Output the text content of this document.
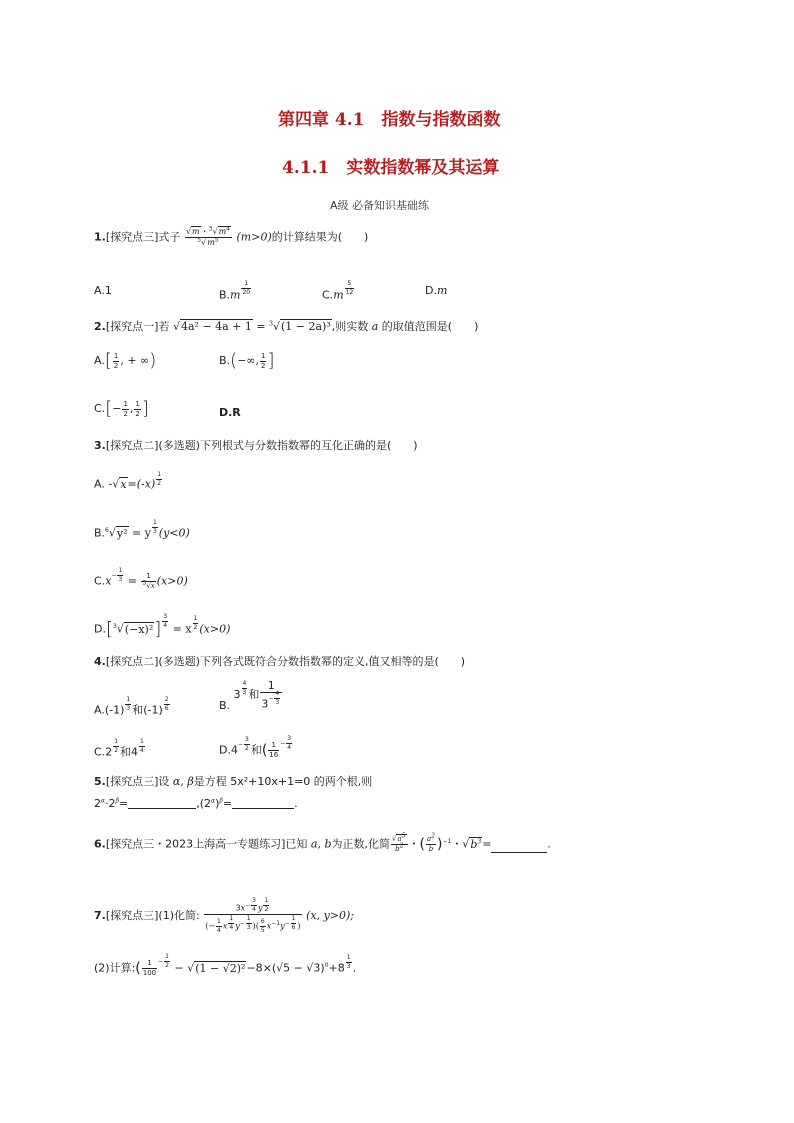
第四章 4.1　指数与指数函数
4.1.1　实数指数幂及其运算
A级 必备知识基础练
1.[探究点三]式子 $\frac{√m・^3√m^4}{^5√m^5} (m>0)$的计算结果为(　　)
A.1	B.m $^{\frac{1}{20}}$	C.m $^{\frac{5}{12}}$	D.m
2.[探究点一]若 √4a² − 4a + 1 = $^3$√(1 − 2a)³,则实数 a 的取值范围是(　　)
$A.[ \frac{1}{2}$ , + ∞)	B.(−∞, $\frac{1}{2}$ ]
$C.[- \frac{1}{2}$ , $\frac{1}{2}$ ]	D.R
3.[探究点二](多选题)下列根式与分数指数幂的互化正确的是(　　)
A. -√x=(-x) $^{\frac{1}{2}}$
B.$^6$√y² = y $^{\frac{1}{3}}$ (y<0)
$C.x^{- \frac{1}{3}} = \frac{1}{^3√x} (x>0)$
D.[$^3$√(−x)²] $^{\frac{3}{4}}$
= x $^{\frac{1}{2}}$ (x>0)
4.[探究点二](多选题)下列各式既符合分数指数幂的定义,值又相等的是(　　)
A.(-1) $^{\frac{1}{3}}$ 和(-1) $^{\frac{2}{6}}$	B. 3 $^{\frac{4}{3}}$ 和 1
$3^{- \frac{4}{3}}$
C.2 $^{\frac{1}{2}}$ 和4 $^{\frac{1}{4}}$	$D.4^{- \frac{3}{2}}$ 和( $\frac{1}{16} ^{- \frac{3}{4}}$
5.[探究点三]设 α, β是方程 5x²+10x+1=0 的两个根,则
$2^\alpha\cdot 2^\beta=$	$,(2^\alpha)^\beta=$	.
6.[探究点三・2023上海高一专题练习]已知 a, b为正数,化简 $\frac{√a^5}{b^2}$ ・( $\frac{a^2}{b} )^{-1}$・$√b^3=$	.
7.[探究点三](1)化简: $3x^{- \frac{3}{4}}$ y $^{\frac{1}{2}}$
(− $\frac{1}{4}$ x $^{\frac{1}{4}}$ $y^{- \frac{1}{3}}$ )( $\frac{6}{5} x^{-1}y^{- \frac{1}{6}}$ ) (x, y>0);
(2)计算:( $\frac{1}{100} ^{- \frac{1}{2}} - √(1 - √2)^2-8\times(√5 - √3)^0+8$ $^{\frac{1}{3}}$ .
